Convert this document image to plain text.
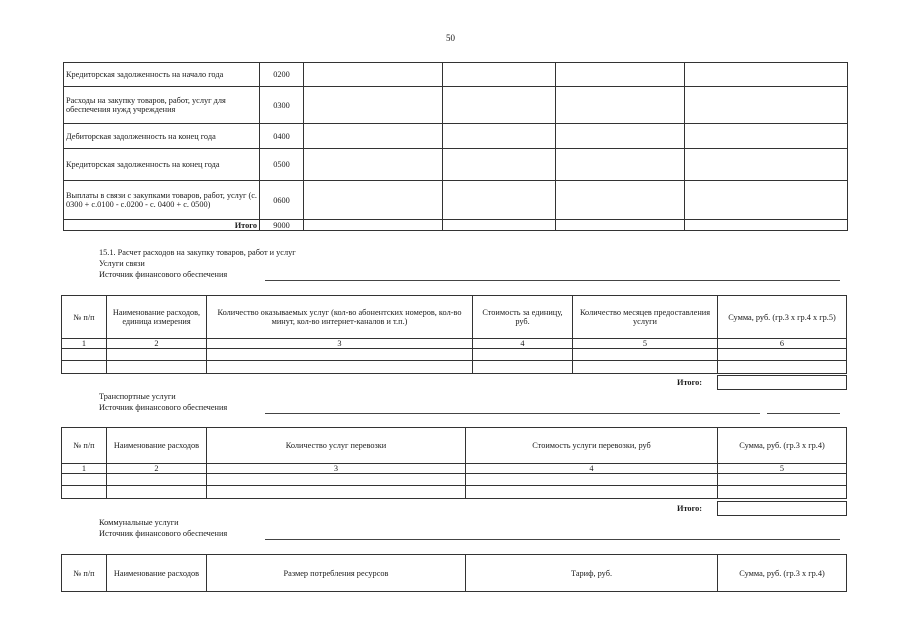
50
Кредиторская задолженность на начало года	0200				
Расходы на закупку товаров, работ, услуг для обеспечения нужд учреждения	0300				
Дебиторская задолженность на конец года	0400				
Кредиторская задолженность на конец года	0500				
Выплаты в связи с закупками товаров, работ, услуг (с. 0300 + с.0100 - с.0200 - с. 0400 + с. 0500)	0600				
Итого	9000				
15.1. Расчет расходов на закупку товаров, работ и услуг
Услуги связи
Источник финансового обеспечения
№ п/п	Наименование расходов, единица измерения	Количество оказываемых услуг (кол-во абонентских номеров, кол-во минут, кол-во интернет-каналов и т.п.)	Стоимость за единицу, руб.	Количество месяцев предоставления услуги	Сумма, руб. (гр.3 х гр.4 х гр.5)
1	2	3	4	5	6

Итого:
Транспортные услуги
Источник финансового обеспечения
№ п/п	Наименование расходов	Количество услуг перевозки	Стоимость услуги перевозки, руб	Сумма, руб. (гр.3 х гр.4)
1	2	3	4	5

Итого:
Коммунальные услуги
Источник финансового обеспечения
№ п/п	Наименование расходов	Размер потребления ресурсов	Тариф, руб.	Сумма, руб. (гр.3 х гр.4)
